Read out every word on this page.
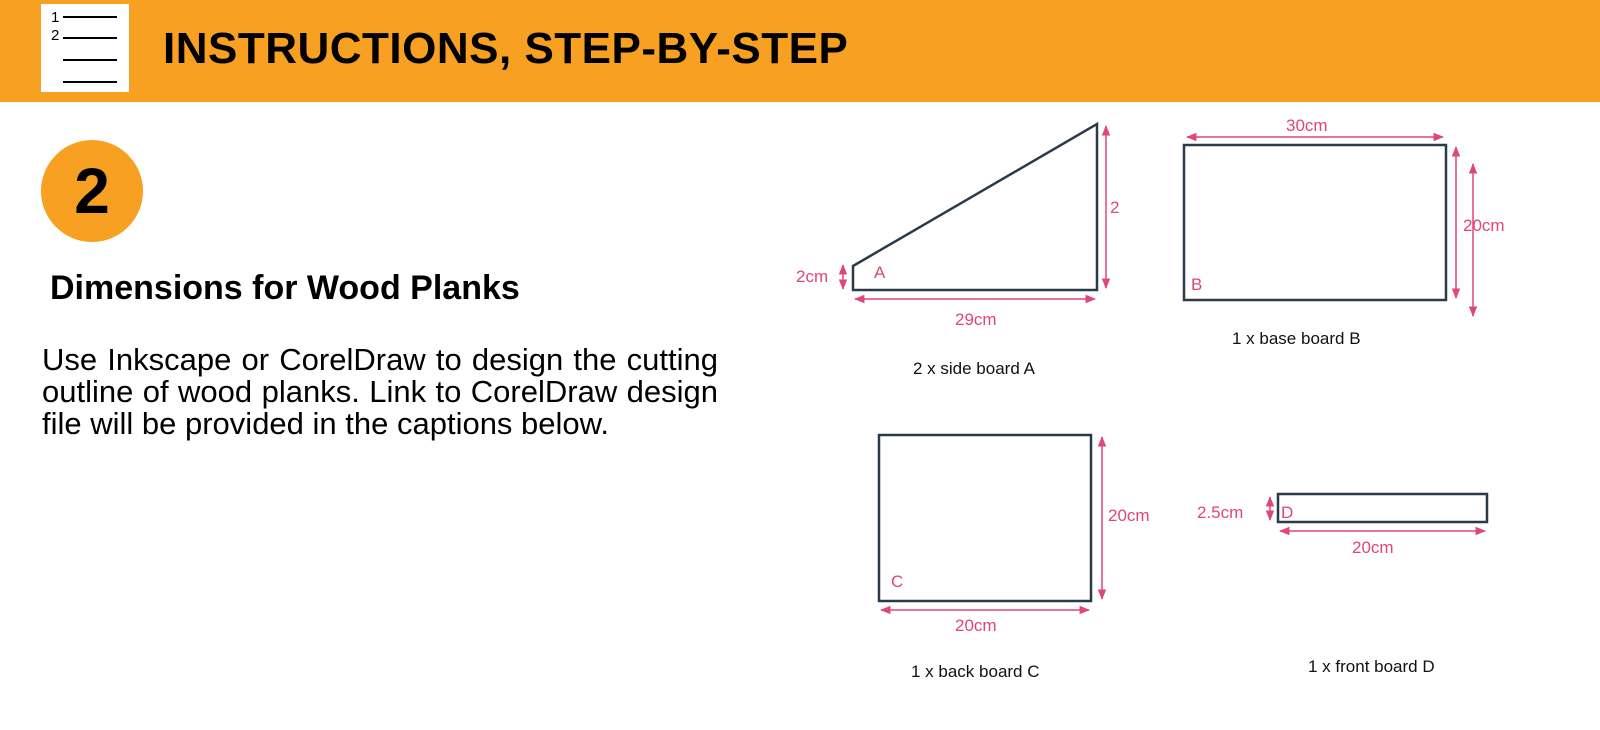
1
2 INSTRUCTIONS, STEP-BY-STEP
2
Dimensions for Wood Planks

Use Inkscape or CorelDraw to design the cutting outline of wood planks. Link to CorelDraw design file will be provided in the captions below.

2cm
2
29cm
A
2 x side board A
30cm
20cm
B
1 x base board B
20cm
20cm
C
1 x back board C
2.5cm
20cm
D
1 x front board D
